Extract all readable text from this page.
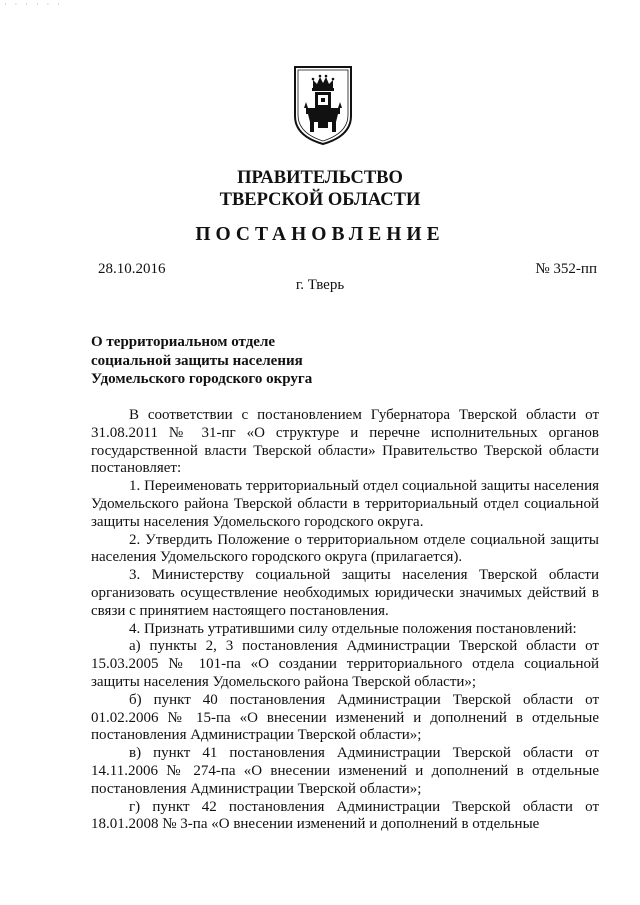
· · · · · ·
ПРАВИТЕЛЬСТВО
ТВЕРСКОЙ ОБЛАСТИ
ПОСТАНОВЛЕНИЕ
28.10.2016	№ 352-пп
г. Тверь
О территориальном отделе
социальной защиты населения
Удомельского городского округа

В соответствии с постановлением Губернатора Тверской области от 31.08.2011 № 31-пг «О структуре и перечне исполнительных органов государственной власти Тверской области» Правительство Тверской области постановляет:

1. Переименовать территориальный отдел социальной защиты населения Удомельского района Тверской области в территориальный отдел социальной защиты населения Удомельского городского округа.

2. Утвердить Положение о территориальном отделе социальной защиты населения Удомельского городского округа (прилагается).

3. Министерству социальной защиты населения Тверской области организовать осуществление необходимых юридически значимых действий в связи с принятием настоящего постановления.

4. Признать утратившими силу отдельные положения постановлений:

а) пункты 2, 3 постановления Администрации Тверской области от 15.03.2005 № 101-па «О создании территориального отдела социальной защиты населения Удомельского района Тверской области»;

б) пункт 40 постановления Администрации Тверской области от 01.02.2006 № 15-па «О внесении изменений и дополнений в отдельные постановления Администрации Тверской области»;

в) пункт 41 постановления Администрации Тверской области от 14.11.2006 № 274-па «О внесении изменений и дополнений в отдельные постановления Администрации Тверской области»;

г) пункт 42 постановления Администрации Тверской области от 18.01.2008 № 3-па «О внесении изменений и дополнений в отдельные
